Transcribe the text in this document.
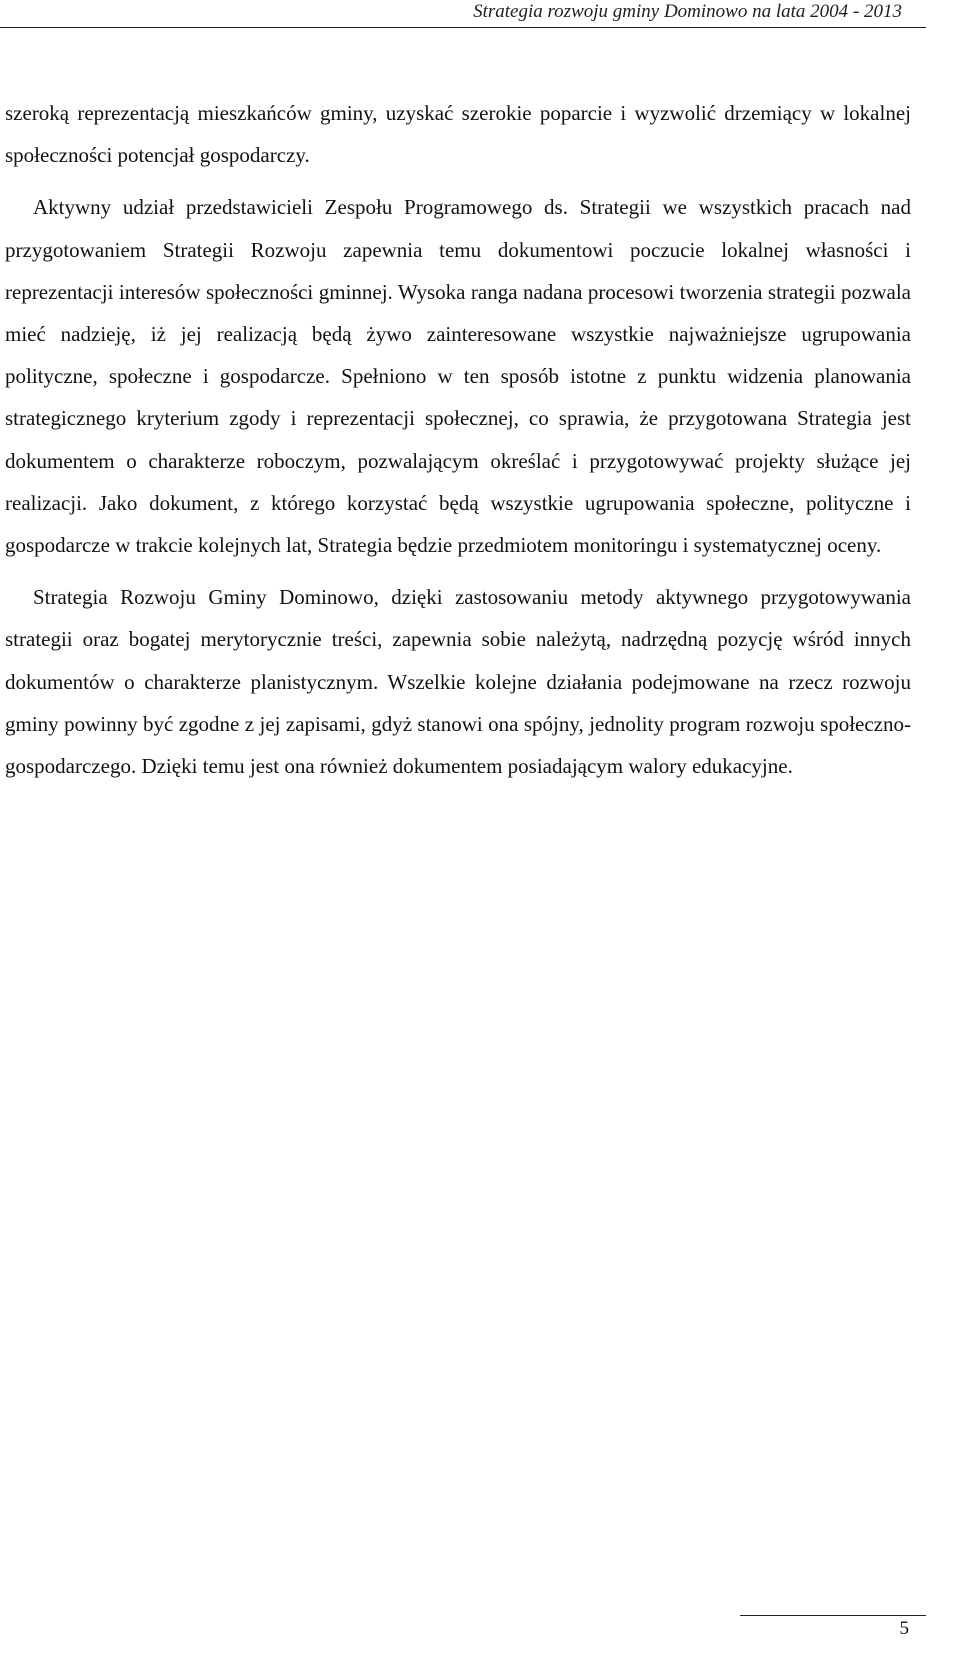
Strategia rozwoju gminy Dominowo na lata 2004 - 2013

szeroką reprezentacją mieszkańców gminy, uzyskać szerokie poparcie i wyzwolić drzemiący w lokalnej społeczności potencjał gospodarczy.

Aktywny udział przedstawicieli Zespołu Programowego ds. Strategii we wszystkich pracach nad przygotowaniem Strategii Rozwoju zapewnia temu dokumentowi poczucie lokalnej własności i reprezentacji interesów społeczności gminnej. Wysoka ranga nadana procesowi tworzenia strategii pozwala mieć nadzieję, iż jej realizacją będą żywo zainteresowane wszystkie najważniejsze ugrupowania polityczne, społeczne i gospodarcze. Spełniono w ten sposób istotne z punktu widzenia planowania strategicznego kryterium zgody i reprezentacji społecznej, co sprawia, że przygotowana Strategia jest dokumentem o charakterze roboczym, pozwalającym określać i przygotowywać projekty służące jej realizacji. Jako dokument, z którego korzystać będą wszystkie ugrupowania społeczne, polityczne i gospodarcze w trakcie kolejnych lat, Strategia będzie przedmiotem monitoringu i systematycznej oceny.

Strategia Rozwoju Gminy Dominowo, dzięki zastosowaniu metody aktywnego przygotowywania strategii oraz bogatej merytorycznie treści, zapewnia sobie należytą, nadrzędną pozycję wśród innych dokumentów o charakterze planistycznym. Wszelkie kolejne działania podejmowane na rzecz rozwoju gminy powinny być zgodne z jej zapisami, gdyż stanowi ona spójny, jednolity program rozwoju społeczno-gospodarczego. Dzięki temu jest ona również dokumentem posiadającym walory edukacyjne.

5
